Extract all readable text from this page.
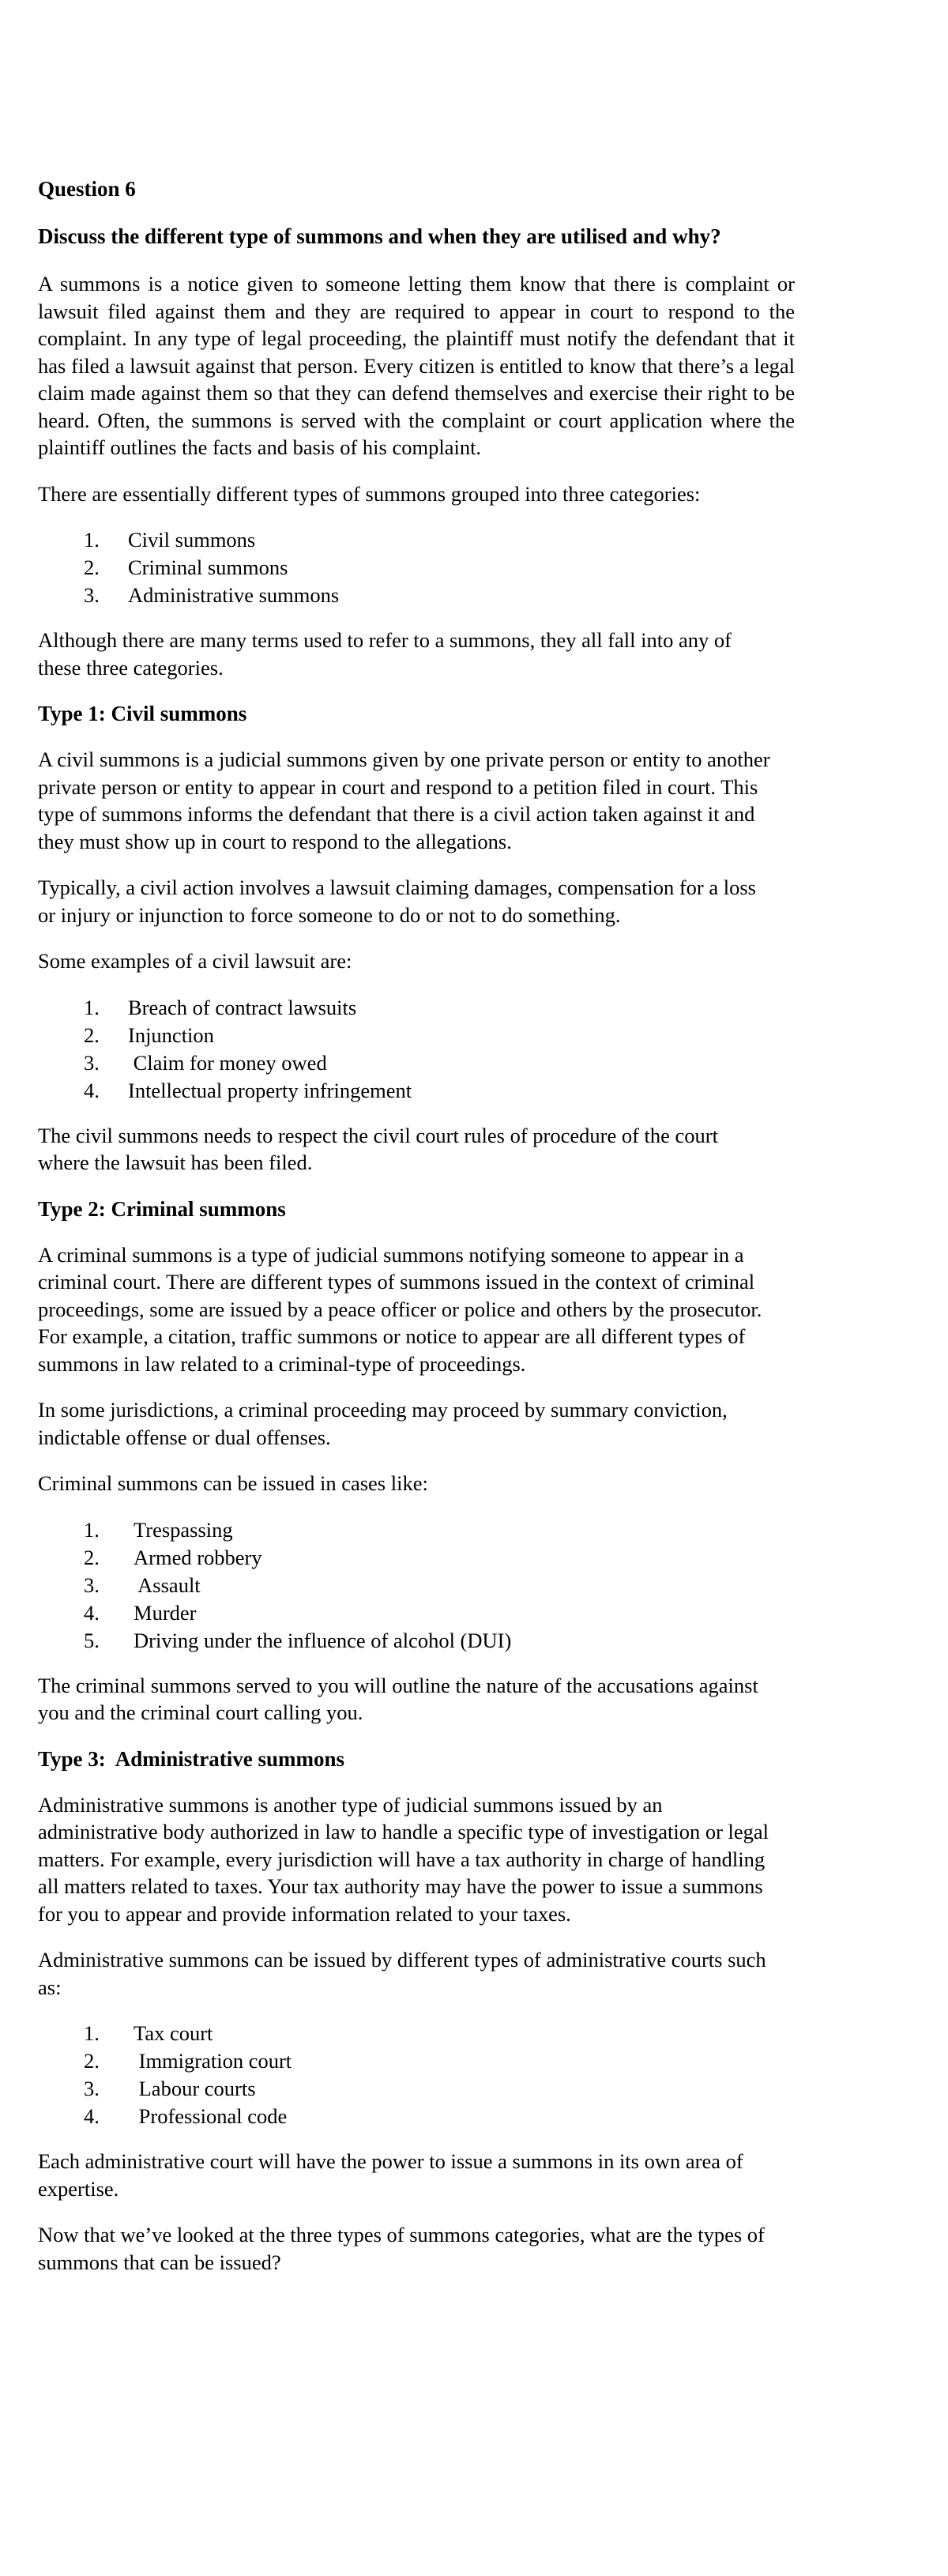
Question 6
Discuss the different type of summons and when they are utilised and why?

A summons is a notice given to someone letting them know that there is complaint or lawsuit filed against them and they are required to appear in court to respond to the complaint. In any type of legal proceeding, the plaintiff must notify the defendant that it has filed a lawsuit against that person. Every citizen is entitled to know that there’s a legal claim made against them so that they can defend themselves and exercise their right to be heard. Often, the summons is served with the complaint or court application where the plaintiff outlines the facts and basis of his complaint.

There are essentially different types of summons grouped into three categories:

1. Civil summons
2. Criminal summons
3. Administrative summons

Although there are many terms used to refer to a summons, they all fall into any of these three categories.

Type 1: Civil summons

A civil summons is a judicial summons given by one private person or entity to another private person or entity to appear in court and respond to a petition filed in court. This type of summons informs the defendant that there is a civil action taken against it and they must show up in court to respond to the allegations.

Typically, a civil action involves a lawsuit claiming damages, compensation for a loss or injury or injunction to force someone to do or not to do something.

Some examples of a civil lawsuit are:

1. Breach of contract lawsuits
2. Injunction
3. Claim for money owed
4. Intellectual property infringement

The civil summons needs to respect the civil court rules of procedure of the court where the lawsuit has been filed.

Type 2: Criminal summons

A criminal summons is a type of judicial summons notifying someone to appear in a criminal court. There are different types of summons issued in the context of criminal proceedings, some are issued by a peace officer or police and others by the prosecutor. For example, a citation, traffic summons or notice to appear are all different types of summons in law related to a criminal-type of proceedings.

In some jurisdictions, a criminal proceeding may proceed by summary conviction, indictable offense or dual offenses.

Criminal summons can be issued in cases like:

1. Trespassing
2. Armed robbery
3. Assault
4. Murder
5. Driving under the influence of alcohol (DUI)

The criminal summons served to you will outline the nature of the accusations against you and the criminal court calling you.

Type 3:  Administrative summons

Administrative summons is another type of judicial summons issued by an administrative body authorized in law to handle a specific type of investigation or legal matters. For example, every jurisdiction will have a tax authority in charge of handling all matters related to taxes. Your tax authority may have the power to issue a summons for you to appear and provide information related to your taxes.

Administrative summons can be issued by different types of administrative courts such as:

1. Tax court
2. Immigration court
3. Labour courts
4. Professional code

Each administrative court will have the power to issue a summons in its own area of expertise.

Now that we’ve looked at the three types of summons categories, what are the types of summons that can be issued?
